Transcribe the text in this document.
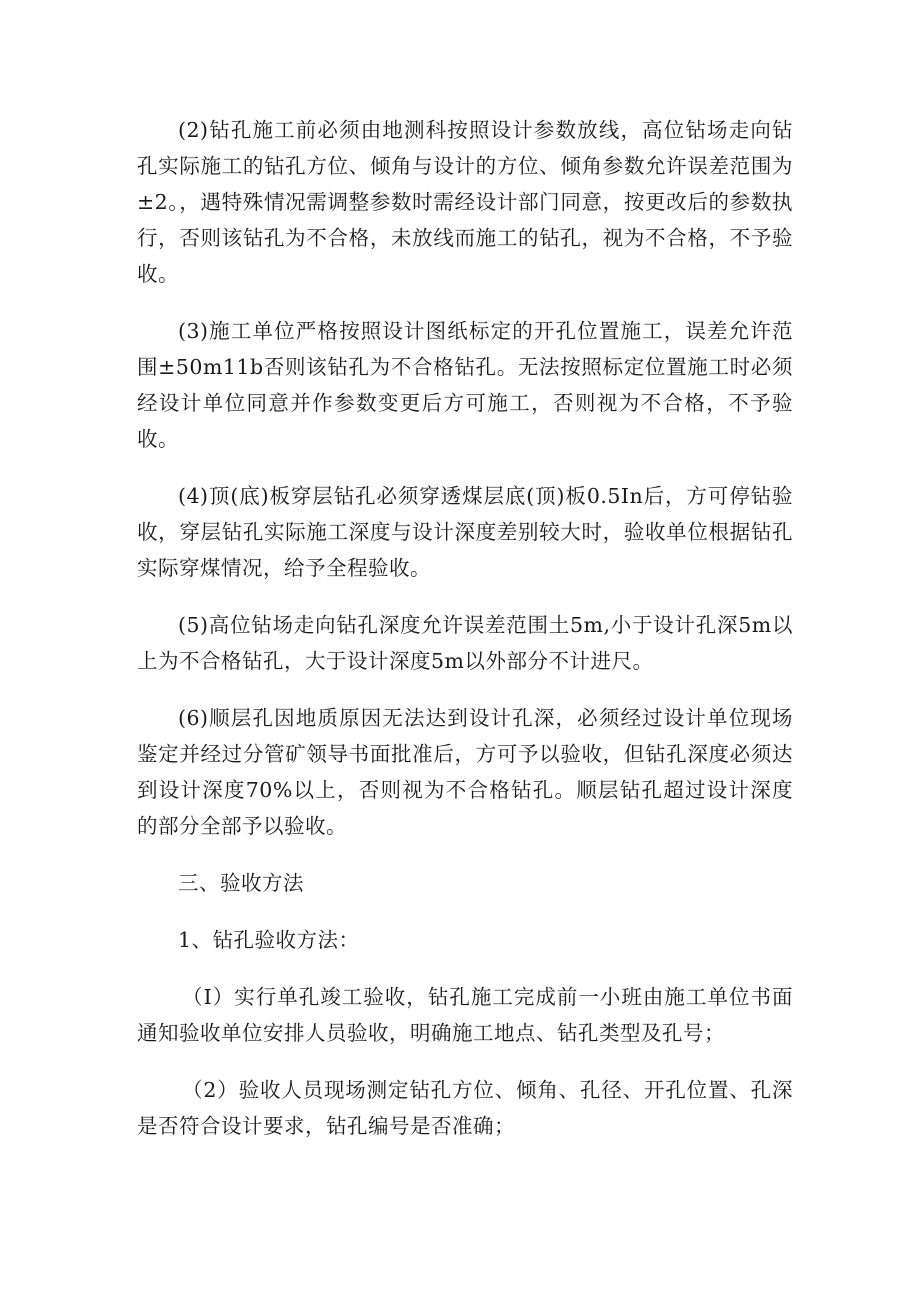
(2)钻孔施工前必须由地测科按照设计参数放线，高位钻场走向钻孔实际施工的钻孔方位、倾角与设计的方位、倾角参数允许误差范围为±2。，遇特殊情况需调整参数时需经设计部门同意，按更改后的参数执行，否则该钻孔为不合格，未放线而施工的钻孔，视为不合格，不予验收。

(3)施工单位严格按照设计图纸标定的开孔位置施工，误差允许范围±50m11b否则该钻孔为不合格钻孔。无法按照标定位置施工时必须经设计单位同意并作参数变更后方可施工，否则视为不合格，不予验收。

(4)顶(底)板穿层钻孔必须穿透煤层底(顶)板0.5In后，方可停钻验收，穿层钻孔实际施工深度与设计深度差别较大时，验收单位根据钻孔实际穿煤情况，给予全程验收。

(5)高位钻场走向钻孔深度允许误差范围土5m,小于设计孔深5m以上为不合格钻孔，大于设计深度5m以外部分不计进尺。

(6)顺层孔因地质原因无法达到设计孔深，必须经过设计单位现场鉴定并经过分管矿领导书面批准后，方可予以验收，但钻孔深度必须达到设计深度70%以上，否则视为不合格钻孔。顺层钻孔超过设计深度的部分全部予以验收。

三、验收方法

1、钻孔验收方法：

（I）实行单孔竣工验收，钻孔施工完成前一小班由施工单位书面通知验收单位安排人员验收，明确施工地点、钻孔类型及孔号；

（2）验收人员现场测定钻孔方位、倾角、孔径、开孔位置、孔深是否符合设计要求，钻孔编号是否准确；
